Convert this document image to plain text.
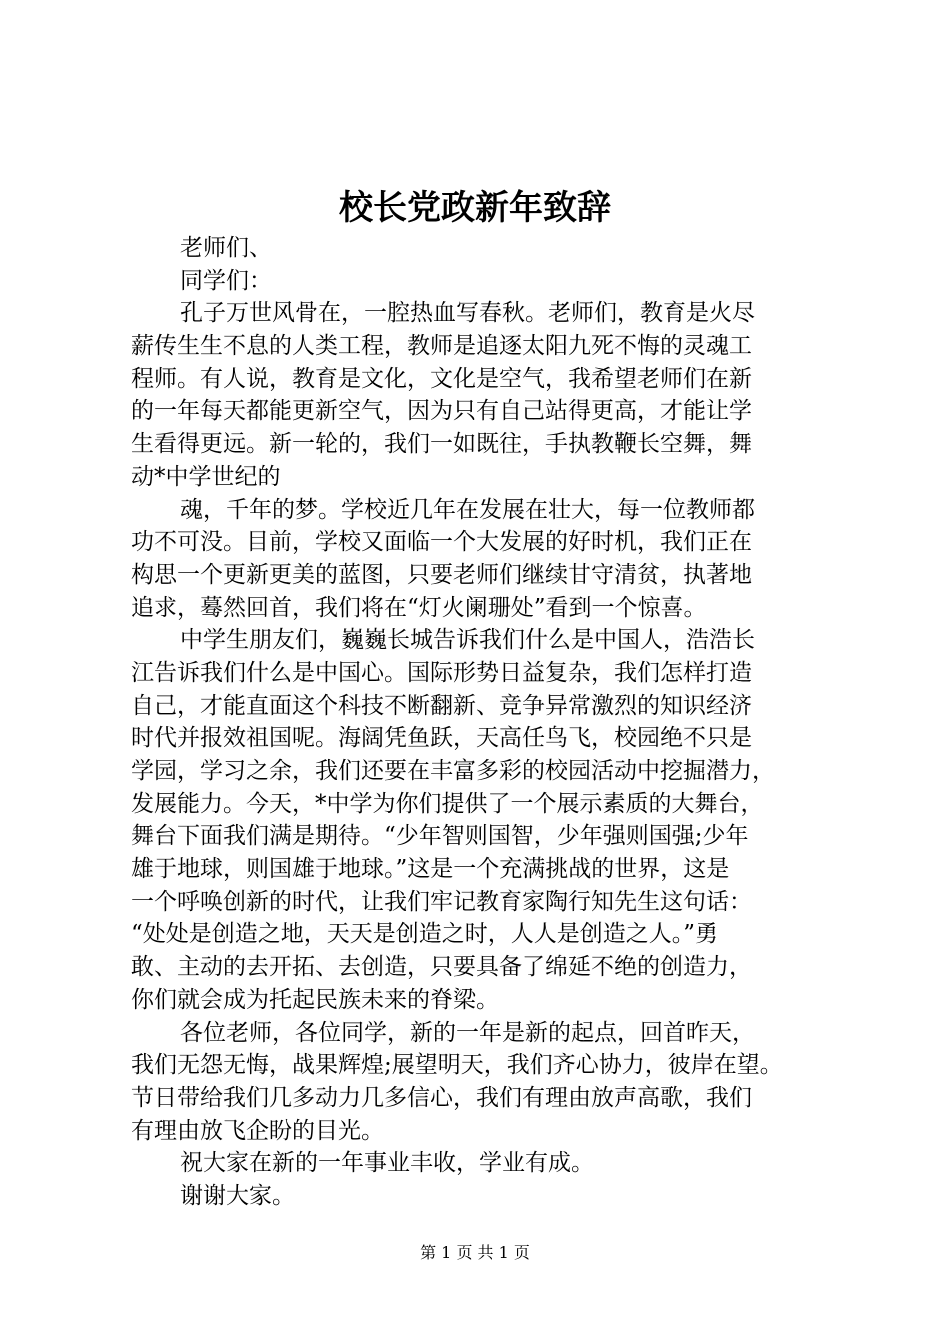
校长党政新年致辞
老师们、
同学们：
孔子万世风骨在，一腔热血写春秋。老师们，教育是火尽
薪传生生不息的人类工程，教师是追逐太阳九死不悔的灵魂工
程师。有人说，教育是文化，文化是空气，我希望老师们在新
的一年每天都能更新空气，因为只有自己站得更高，才能让学
生看得更远。新一轮的，我们一如既往，手执教鞭长空舞，舞
动*中学世纪的
魂，千年的梦。学校近几年在发展在壮大，每一位教师都
功不可没。目前，学校又面临一个大发展的好时机，我们正在
构思一个更新更美的蓝图，只要老师们继续甘守清贫，执著地
追求，蓦然回首，我们将在“灯火阑珊处”看到一个惊喜。
中学生朋友们，巍巍长城告诉我们什么是中国人，浩浩长
江告诉我们什么是中国心。国际形势日益复杂，我们怎样打造
自己，才能直面这个科技不断翻新、竞争异常激烈的知识经济
时代并报效祖国呢。海阔凭鱼跃，天高任鸟飞，校园绝不只是
学园，学习之余，我们还要在丰富多彩的校园活动中挖掘潜力，
发展能力。今天，*中学为你们提供了一个展示素质的大舞台，
舞台下面我们满是期待。“少年智则国智，少年强则国强;少年
雄于地球，则国雄于地球。”这是一个充满挑战的世界，这是
一个呼唤创新的时代，让我们牢记教育家陶行知先生这句话：
“处处是创造之地，天天是创造之时，人人是创造之人。”勇
敢、主动的去开拓、去创造，只要具备了绵延不绝的创造力，
你们就会成为托起民族未来的脊梁。
各位老师，各位同学，新的一年是新的起点，回首昨天，
我们无怨无悔，战果辉煌;展望明天，我们齐心协力，彼岸在望。
节日带给我们几多动力几多信心，我们有理由放声高歌，我们
有理由放飞企盼的目光。
祝大家在新的一年事业丰收，学业有成。
谢谢大家。
第 1 页 共 1 页
